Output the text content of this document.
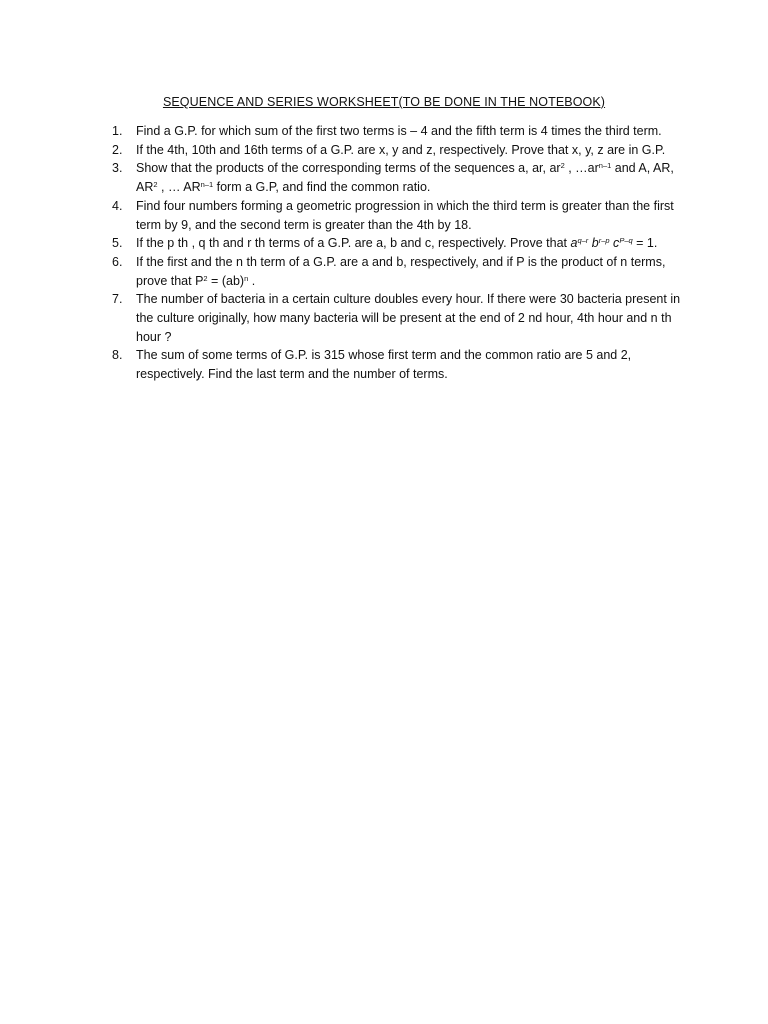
SEQUENCE AND SERIES WORKSHEET(TO BE DONE IN THE NOTEBOOK)
1. Find a G.P. for which sum of the first two terms is – 4 and the fifth term is 4 times the third term.
2. If the 4th, 10th and 16th terms of a G.P. are x, y and z, respectively. Prove that x, y, z are in G.P.
3. Show that the products of the corresponding terms of the sequences a, ar, $ar^2$ , $\dots ar^{n-1}$ and A, AR, $AR^2$ , … AR$^{n-1}$ form a G.P, and find the common ratio.
4. Find four numbers forming a geometric progression in which the third term is greater than the first term by 9, and the second term is greater than the 4th by 18.
5. If the p th , q th and r th terms of a G.P. are a, b and c, respectively. Prove that $a^{q-r}$ $b^{r-p}$ $c^{P-q} = 1$.
6. If the first and the n th term of a G.P. are a and b, respectively, and if P is the product of n terms, prove that $P^2 = (ab)^n$ .
7. The number of bacteria in a certain culture doubles every hour. If there were 30 bacteria present in the culture originally, how many bacteria will be present at the end of 2 nd hour, 4th hour and n th hour ?
8. The sum of some terms of G.P. is 315 whose first term and the common ratio are 5 and 2, respectively. Find the last term and the number of terms.
